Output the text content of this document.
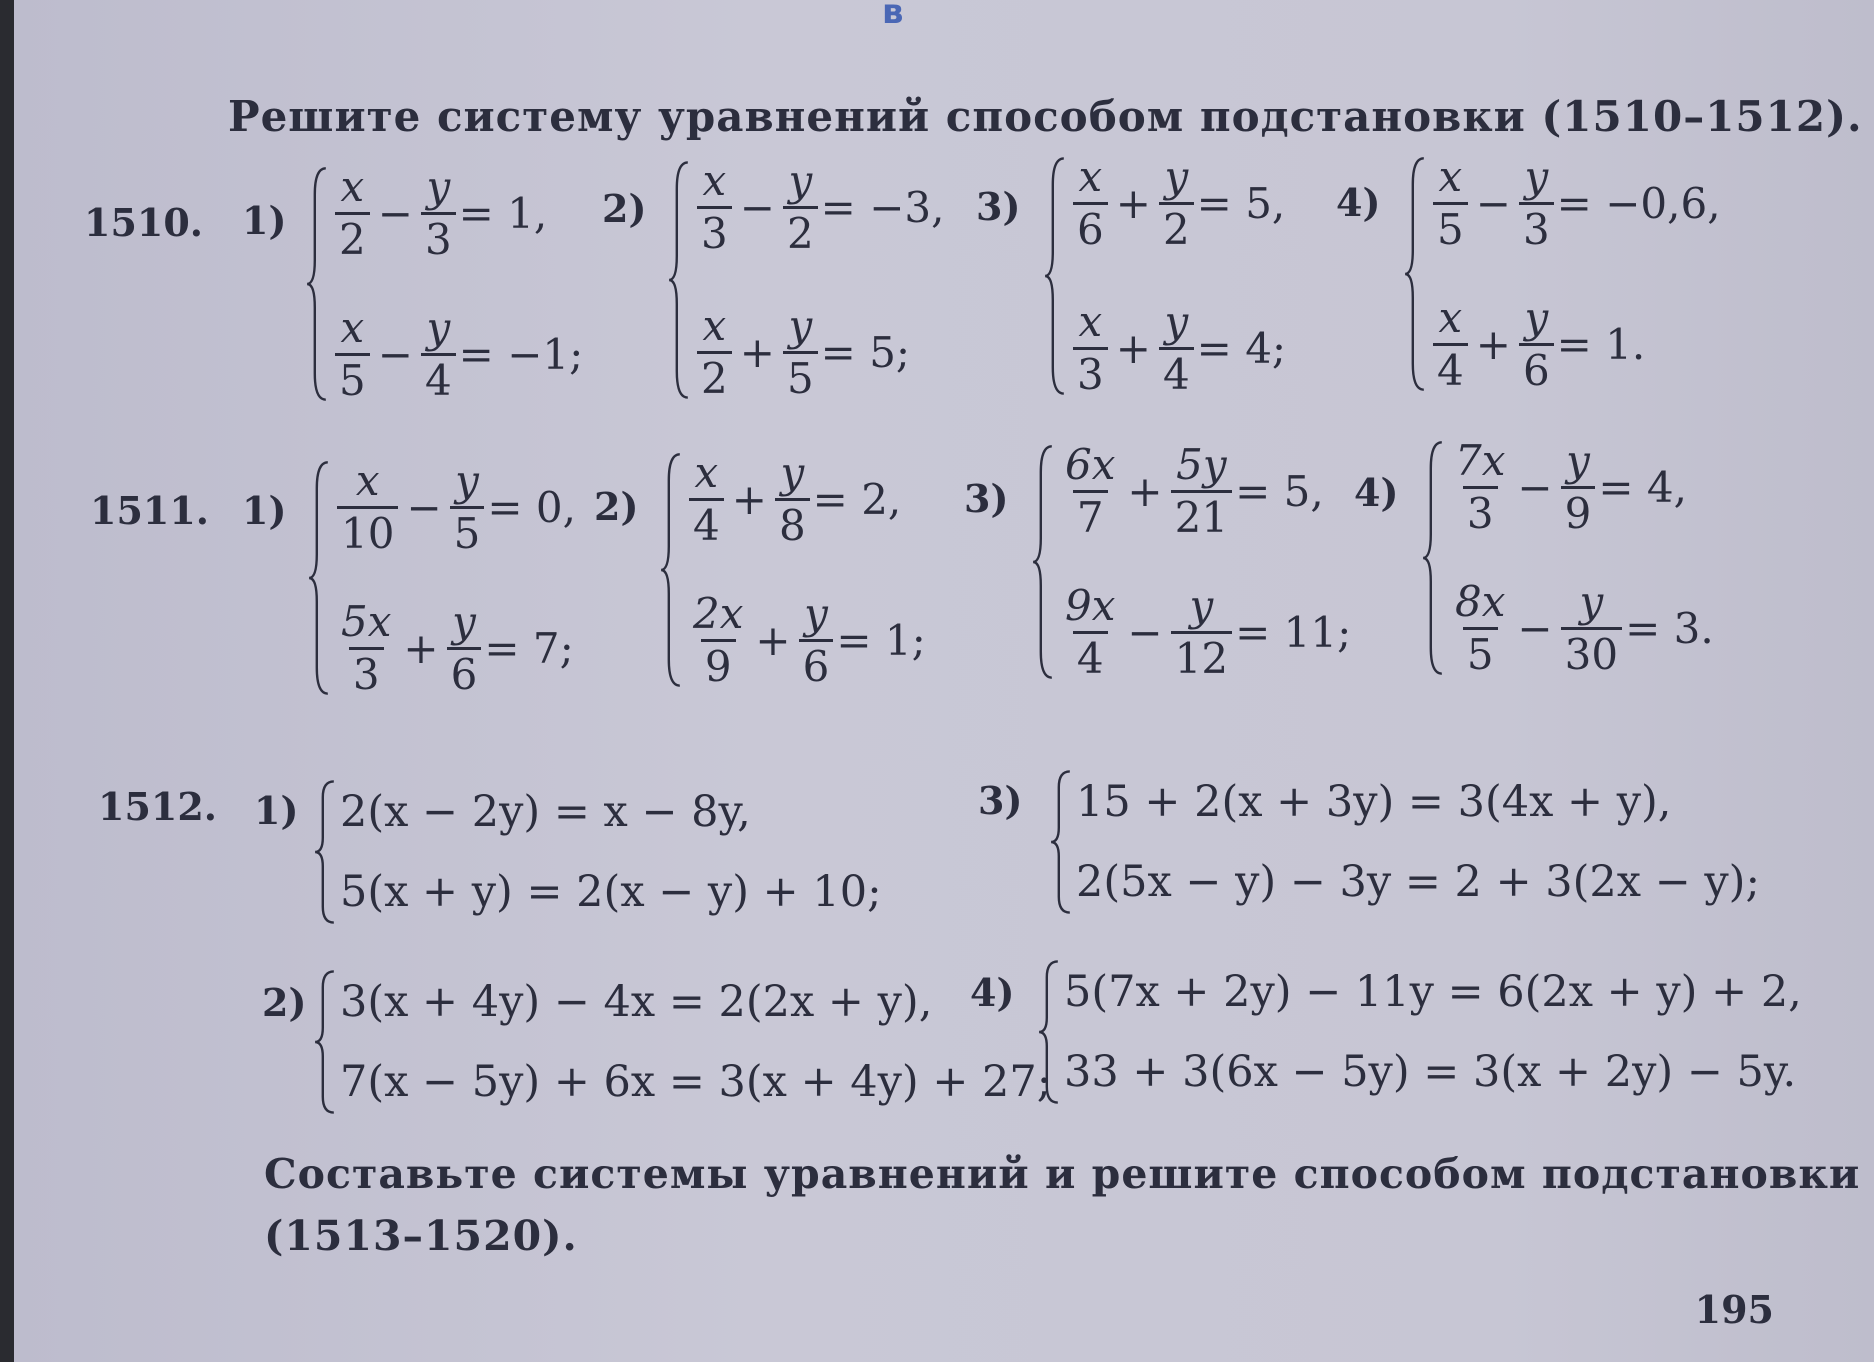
в
Решите систему уравнений способом подстановки (1510–1512).
1510. $1) \frac{x}{2} - \frac{y}{3} = 1$,
$\frac{x}{5} - \frac{y}{4} = -1$;
$2) \frac{x}{3} - \frac{y}{2} = -3$,
$\frac{x}{2} + \frac{y}{5} = 5$;
$3) \frac{x}{6} + \frac{y}{2} = 5$,
$\frac{x}{3} + \frac{y}{4} = 4$;
$4) \frac{x}{5} - \frac{y}{3} = -0,6$,
$\frac{x}{4} + \frac{y}{6} = 1$.
1511. $1) \frac{x}{10} - \frac{y}{5} = 0$,
$\frac{5x}{3} + \frac{y}{6} = 7$;
$2) \frac{x}{4} + \frac{y}{8} = 2$,
$\frac{2x}{9} + \frac{y}{6} = 1$;
$3) \frac{6x}{7} + \frac{5y}{21} = 5$,
$\frac{9x}{4} - \frac{y}{12} = 11$;
$4) \frac{7x}{3} - \frac{y}{9} = 4$,
$\frac{8x}{5} - \frac{y}{30} = 3$.
1512. 1) 2(x − 2y) = x − 8y,
5(x + y) = 2(x − y) + 10;
3) 15 + 2(x + 3y) = 3(4x + y),
2(5x − y) − 3y = 2 + 3(2x − y);
2) 3(x + 4y) − 4x = 2(2x + y),
7(x − 5y) + 6x = 3(x + 4y) + 27;
4) 5(7x + 2y) − 11y = 6(2x + y) + 2,
33 + 3(6x − 5y) = 3(x + 2y) − 5y.
Составьте системы уравнений и решите способом подстановки
(1513–1520).
195
